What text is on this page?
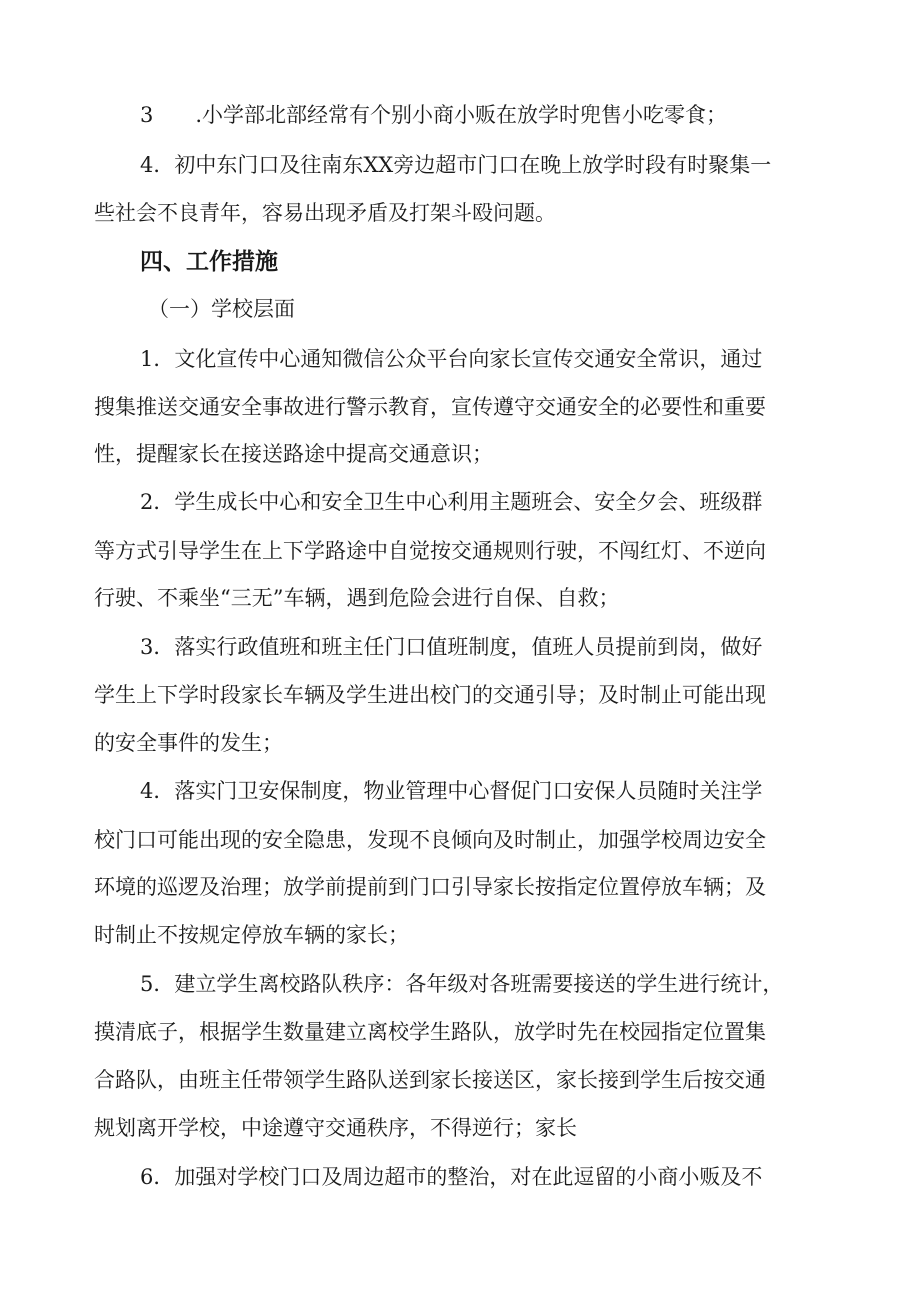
3　　.小学部北部经常有个别小商小贩在放学时兜售小吃零食；

4．初中东门口及往南东XX旁边超市门口在晚上放学时段有时聚集一

些社会不良青年，容易出现矛盾及打架斗殴问题。

四、工作措施

（一）学校层面

1．文化宣传中心通知微信公众平台向家长宣传交通安全常识，通过

搜集推送交通安全事故进行警示教育，宣传遵守交通安全的必要性和重要

性，提醒家长在接送路途中提高交通意识；

2．学生成长中心和安全卫生中心利用主题班会、安全夕会、班级群

等方式引导学生在上下学路途中自觉按交通规则行驶，不闯红灯、不逆向

行驶、不乘坐“三无”车辆，遇到危险会进行自保、自救；

3．落实行政值班和班主任门口值班制度，值班人员提前到岗，做好

学生上下学时段家长车辆及学生进出校门的交通引导；及时制止可能出现

的安全事件的发生；

4．落实门卫安保制度，物业管理中心督促门口安保人员随时关注学

校门口可能出现的安全隐患，发现不良倾向及时制止，加强学校周边安全

环境的巡逻及治理；放学前提前到门口引导家长按指定位置停放车辆；及

时制止不按规定停放车辆的家长；

5．建立学生离校路队秩序：各年级对各班需要接送的学生进行统计，

摸清底子，根据学生数量建立离校学生路队，放学时先在校园指定位置集

合路队，由班主任带领学生路队送到家长接送区，家长接到学生后按交通

规划离开学校，中途遵守交通秩序，不得逆行；家长

6．加强对学校门口及周边超市的整治，对在此逗留的小商小贩及不
